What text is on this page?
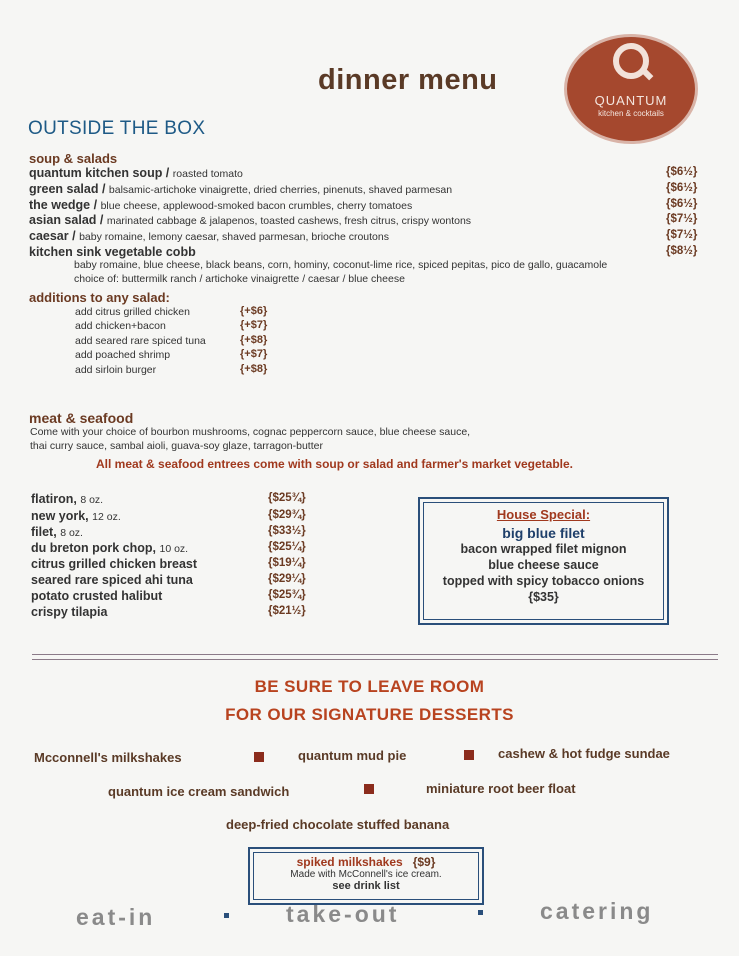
dinner menu
QUANTUM
kitchen & cocktails
OUTSIDE THE BOX
soup & salads
quantum kitchen soup / roasted tomato	{$6½}
green salad / balsamic-artichoke vinaigrette, dried cherries, pinenuts, shaved parmesan	{$6½}
the wedge / blue cheese, applewood-smoked bacon crumbles, cherry tomatoes	{$6½}
asian salad / marinated cabbage & jalapenos, toasted cashews, fresh citrus, crispy wontons	{$7½}
caesar / baby romaine, lemony caesar, shaved parmesan, brioche croutons	{$7½}
kitchen sink vegetable cobb	{$8½}
baby romaine, blue cheese, black beans, corn, hominy, coconut-lime rice, spiced pepitas, pico de gallo, guacamole
choice of: buttermilk ranch / artichoke vinaigrette / caesar / blue cheese
additions to any salad:
add citrus grilled chicken	{+$6}
add chicken+bacon	{+$7}
add seared rare spiced tuna	{+$8}
add poached shrimp	{+$7}
add sirloin burger	{+$8}
meat & seafood
Come with your choice of bourbon mushrooms, cognac peppercorn sauce, blue cheese sauce,
thai curry sauce, sambal aioli, guava-soy glaze, tarragon-butter
All meat & seafood entrees come with soup or salad and farmer's market vegetable.
flatiron, 8 oz.	{$25¾}
new york, 12 oz.	{$29¾}
filet, 8 oz.	{$33½}
du breton pork chop, 10 oz.	{$25¼}
citrus grilled chicken breast	{$19¼}
seared rare spiced ahi tuna	{$29¼}
potato crusted halibut	{$25¾}
crispy tilapia	{$21½}
House Special:
big blue filet
bacon wrapped filet mignon
blue cheese sauce
topped with spicy tobacco onions
{$35}
BE SURE TO LEAVE ROOM
FOR OUR SIGNATURE DESSERTS
Mcconnell's milkshakes	quantum mud pie	cashew & hot fudge sundae
quantum ice cream sandwich	miniature root beer float
deep-fried chocolate stuffed banana
spiked milkshakes {$9}
Made with McConnell's ice cream.
see drink list
eat-in	take-out	catering
